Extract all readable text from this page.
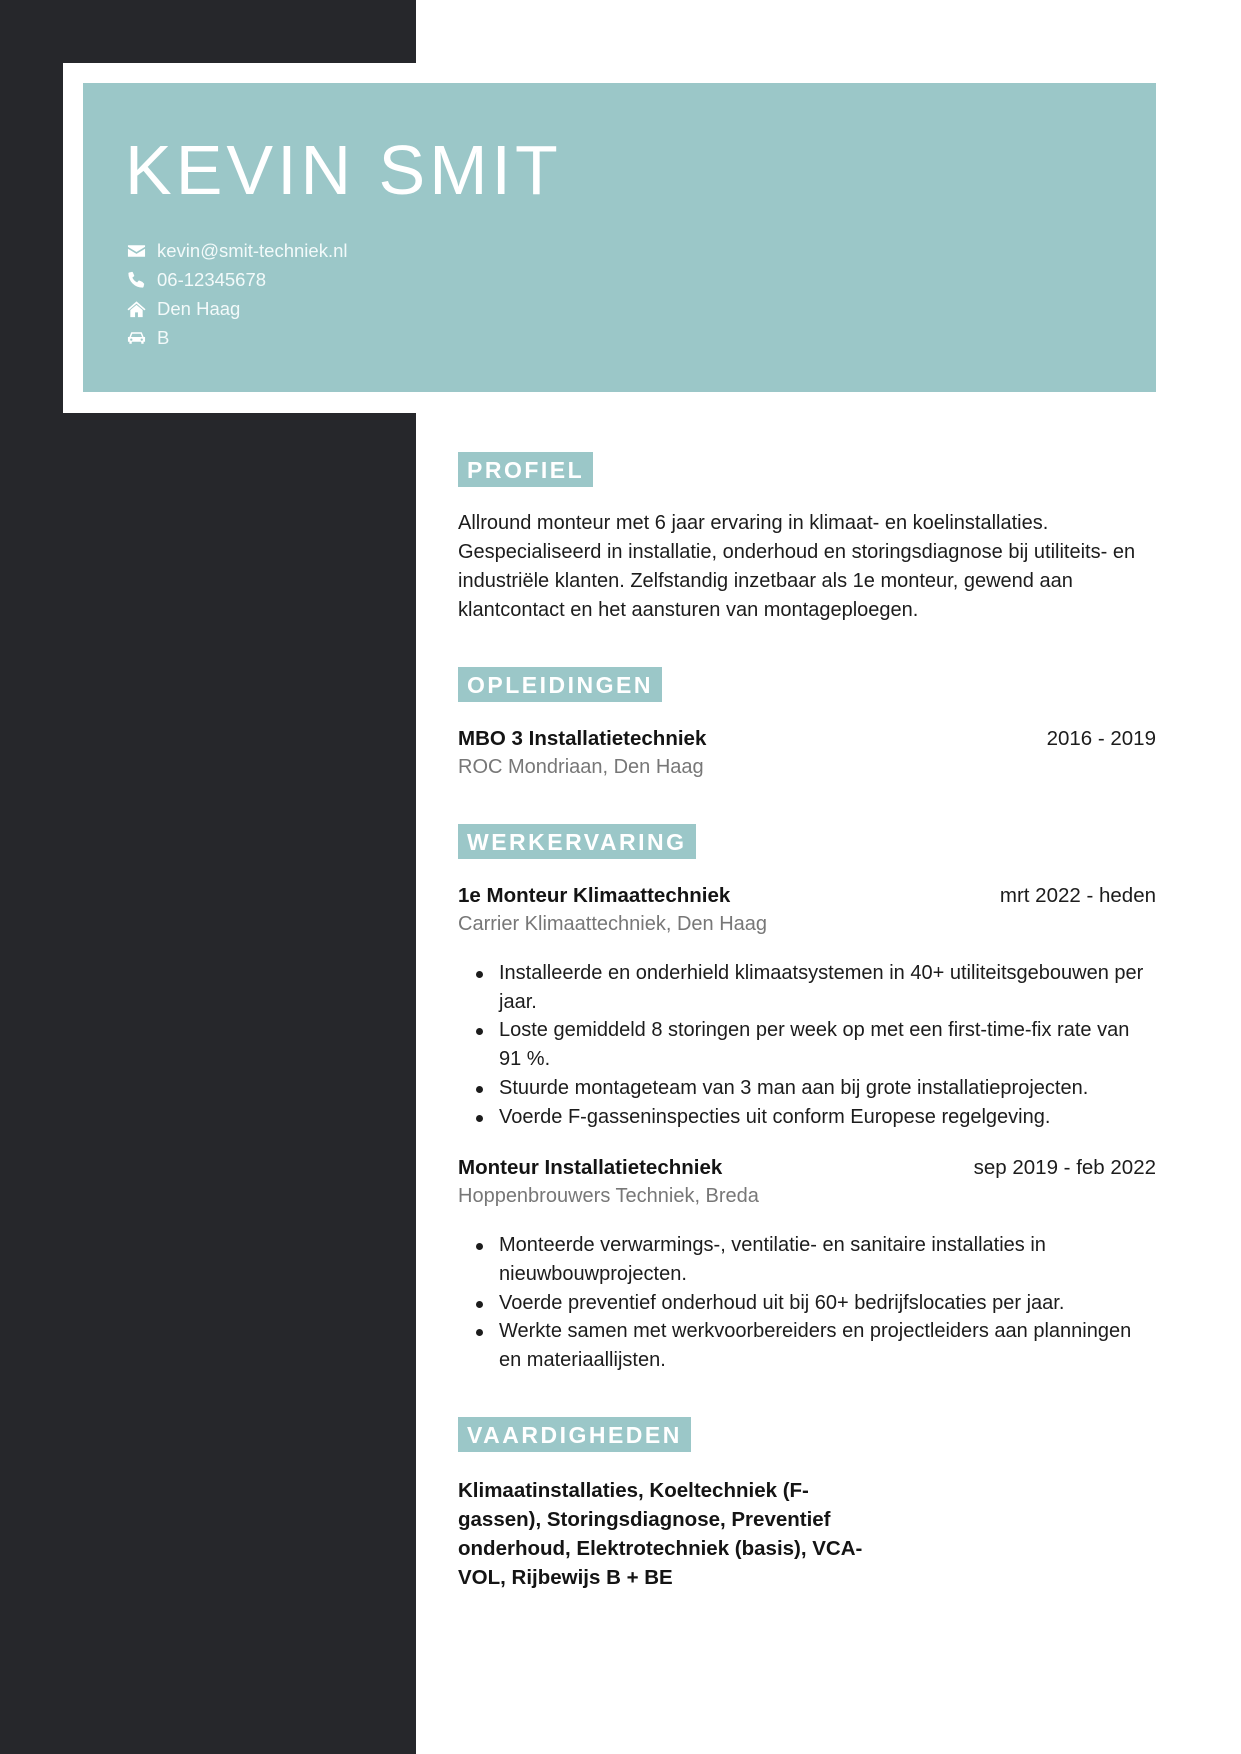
KEVIN SMIT
kevin@smit-techniek.nl
06-12345678
Den Haag
B
PROFIEL

Allround monteur met 6 jaar ervaring in klimaat- en koelinstallaties. Gespecialiseerd in installatie, onderhoud en storingsdiagnose bij utiliteits- en industriële klanten. Zelfstandig inzetbaar als 1e monteur, gewend aan klantcontact en het aansturen van montageploegen.

OPLEIDINGEN
MBO 3 Installatietechniek	2016 - 2019
ROC Mondriaan, Den Haag
WERKERVARING
1e Monteur Klimaattechniek	mrt 2022 - heden
Carrier Klimaattechniek, Den Haag
Installeerde en onderhield klimaatsystemen in 40+ utiliteitsgebouwen per jaar.
Loste gemiddeld 8 storingen per week op met een first-time-fix rate van 91 %.
Stuurde montageteam van 3 man aan bij grote installatieprojecten.
Voerde F-gasseninspecties uit conform Europese regelgeving.
Monteur Installatietechniek	sep 2019 - feb 2022
Hoppenbrouwers Techniek, Breda
Monteerde verwarmings-, ventilatie- en sanitaire installaties in nieuwbouwprojecten.
Voerde preventief onderhoud uit bij 60+ bedrijfslocaties per jaar.
Werkte samen met werkvoorbereiders en projectleiders aan planningen en materiaallijsten.
VAARDIGHEDEN

Klimaatinstallaties, Koeltechniek (F-gassen), Storingsdiagnose, Preventief onderhoud, Elektrotechniek (basis), VCA-VOL, Rijbewijs B + BE
